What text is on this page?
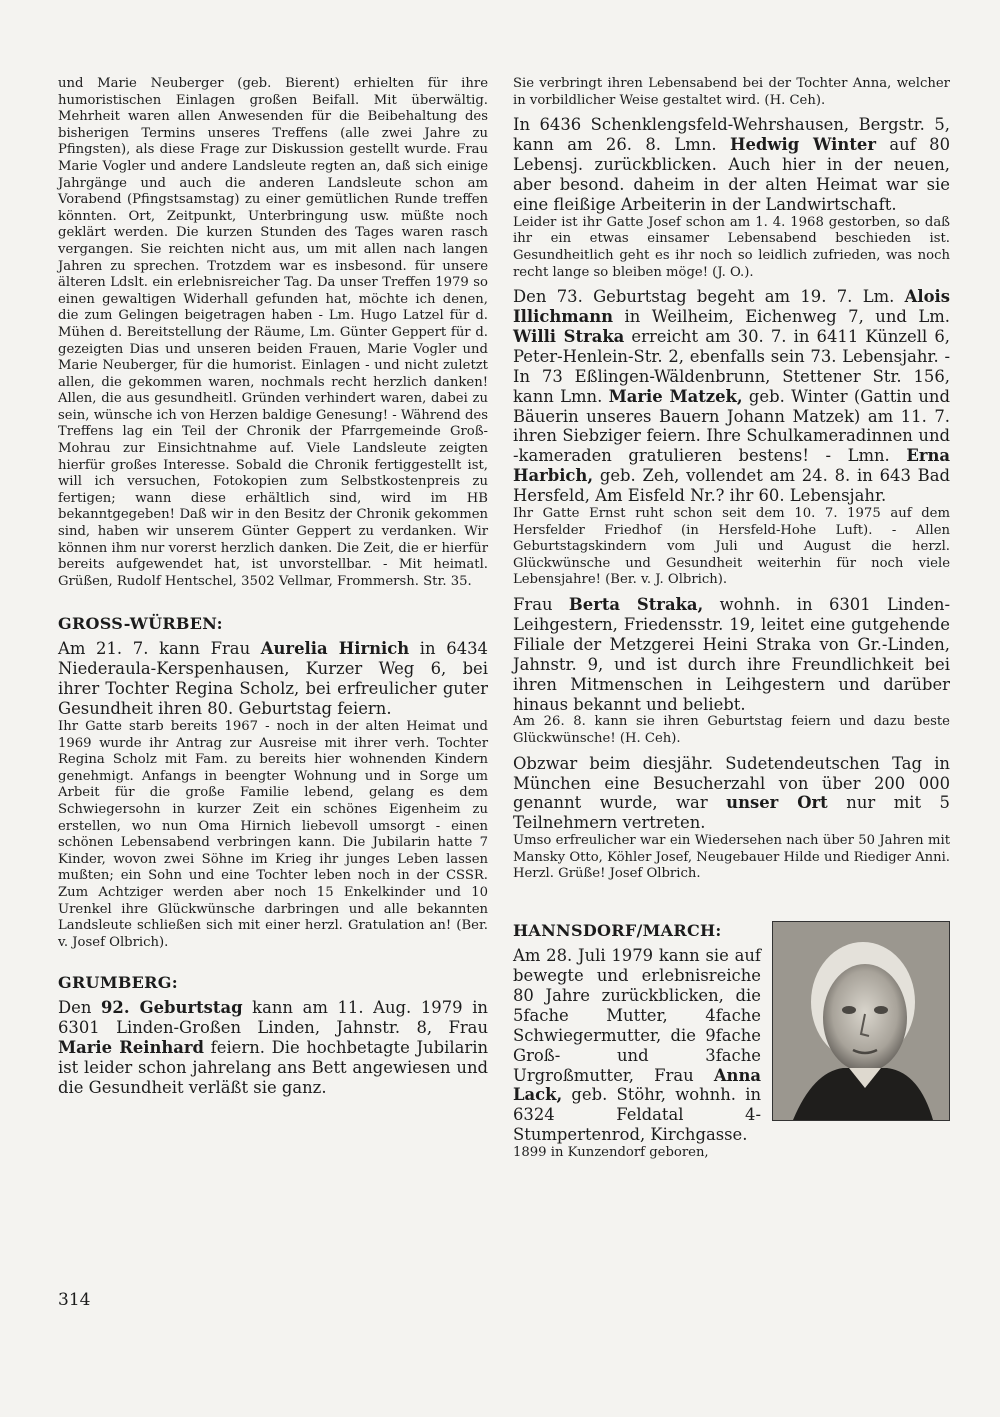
und Marie Neuberger (geb. Bierent) erhielten für ihre humoristischen Einlagen großen Beifall. Mit überwältig. Mehrheit waren allen Anwesenden für die Beibehaltung des bisherigen Termins unseres Treffens (alle zwei Jahre zu Pfingsten), als diese Frage zur Diskussion gestellt wurde. Frau Marie Vogler und andere Landsleute regten an, daß sich einige Jahrgänge und auch die anderen Landsleute schon am Vorabend (Pfingstsamstag) zu einer gemütlichen Runde treffen könnten. Ort, Zeitpunkt, Unterbringung usw. müßte noch geklärt werden. Die kurzen Stunden des Tages waren rasch vergangen. Sie reichten nicht aus, um mit allen nach langen Jahren zu sprechen. Trotzdem war es insbesond. für unsere älteren Ldslt. ein erlebnisreicher Tag. Da unser Treffen 1979 so einen gewaltigen Widerhall gefunden hat, möchte ich denen, die zum Gelingen beigetragen haben - Lm. Hugo Latzel für d. Mühen d. Bereitstellung der Räume, Lm. Günter Geppert für d. gezeigten Dias und unseren beiden Frauen, Marie Vogler und Marie Neuberger, für die humorist. Einlagen - und nicht zuletzt allen, die gekommen waren, nochmals recht herzlich danken! Allen, die aus gesundheitl. Gründen verhindert waren, dabei zu sein, wünsche ich von Herzen baldige Genesung! - Während des Treffens lag ein Teil der Chronik der Pfarrgemeinde Groß-Mohrau zur Einsichtnahme auf. Viele Landsleute zeigten hierfür großes Interesse. Sobald die Chronik fertiggestellt ist, will ich versuchen, Fotokopien zum Selbstkostenpreis zu fertigen; wann diese erhältlich sind, wird im HB bekanntgegeben! Daß wir in den Besitz der Chronik gekommen sind, haben wir unserem Günter Geppert zu verdanken. Wir können ihm nur vorerst herzlich danken. Die Zeit, die er hierfür bereits aufgewendet hat, ist unvorstellbar. - Mit heimatl. Grüßen, Rudolf Hentschel, 3502 Vellmar, Frommersh. Str. 35.

GROSS-WÜRBEN:

Am 21. 7. kann Frau Aurelia Hirnich in 6434 Niederaula-Kerspenhausen, Kurzer Weg 6, bei ihrer Tochter Regina Scholz, bei erfreulicher guter Gesundheit ihren 80. Geburtstag feiern.

Ihr Gatte starb bereits 1967 - noch in der alten Heimat und 1969 wurde ihr Antrag zur Ausreise mit ihrer verh. Tochter Regina Scholz mit Fam. zu bereits hier wohnenden Kindern genehmigt. Anfangs in beengter Wohnung und in Sorge um Arbeit für die große Familie lebend, gelang es dem Schwiegersohn in kurzer Zeit ein schönes Eigenheim zu erstellen, wo nun Oma Hirnich liebevoll umsorgt - einen schönen Lebensabend verbringen kann. Die Jubilarin hatte 7 Kinder, wovon zwei Söhne im Krieg ihr junges Leben lassen mußten; ein Sohn und eine Tochter leben noch in der CSSR. Zum Achtziger werden aber noch 15 Enkelkinder und 10 Urenkel ihre Glückwünsche darbringen und alle bekannten Landsleute schließen sich mit einer herzl. Gratulation an! (Ber. v. Josef Olbrich).

GRUMBERG:

Den 92. Geburtstag kann am 11. Aug. 1979 in 6301 Linden-Großen Linden, Jahnstr. 8, Frau Marie Reinhard feiern. Die hochbetagte Jubilarin ist leider schon jahrelang ans Bett angewiesen und die Gesundheit verläßt sie ganz.

Sie verbringt ihren Lebensabend bei der Tochter Anna, welcher in vorbildlicher Weise gestaltet wird. (H. Ceh).

In 6436 Schenklengsfeld-Wehrshausen, Bergstr. 5, kann am 26. 8. Lmn. Hedwig Winter auf 80 Lebensj. zurückblicken. Auch hier in der neuen, aber besond. daheim in der alten Heimat war sie eine fleißige Arbeiterin in der Landwirtschaft.

Leider ist ihr Gatte Josef schon am 1. 4. 1968 gestorben, so daß ihr ein etwas einsamer Lebensabend beschieden ist. Gesundheitlich geht es ihr noch so leidlich zufrieden, was noch recht lange so bleiben möge! (J. O.).

Den 73. Geburtstag begeht am 19. 7. Lm. Alois Illichmann in Weilheim, Eichenweg 7, und Lm. Willi Straka erreicht am 30. 7. in 6411 Künzell 6, Peter-Henlein-Str. 2, ebenfalls sein 73. Lebensjahr. - In 73 Eßlingen-Wäldenbrunn, Stettener Str. 156, kann Lmn. Marie Matzek, geb. Winter (Gattin und Bäuerin unseres Bauern Johann Matzek) am 11. 7. ihren Siebziger feiern. Ihre Schulkameradinnen und -kameraden gratulieren bestens! - Lmn. Erna Harbich, geb. Zeh, vollendet am 24. 8. in 643 Bad Hersfeld, Am Eisfeld Nr.? ihr 60. Lebensjahr.

Ihr Gatte Ernst ruht schon seit dem 10. 7. 1975 auf dem Hersfelder Friedhof (in Hersfeld-Hohe Luft). - Allen Geburtstagskindern vom Juli und August die herzl. Glückwünsche und Gesundheit weiterhin für noch viele Lebensjahre! (Ber. v. J. Olbrich).

Frau Berta Straka, wohnh. in 6301 Linden-Leihgestern, Friedensstr. 19, leitet eine gutgehende Filiale der Metzgerei Heini Straka von Gr.-Linden, Jahnstr. 9, und ist durch ihre Freundlichkeit bei ihren Mitmenschen in Leihgestern und darüber hinaus bekannt und beliebt.

Am 26. 8. kann sie ihren Geburtstag feiern und dazu beste Glückwünsche! (H. Ceh).

Obzwar beim diesjähr. Sudetendeutschen Tag in München eine Besucherzahl von über 200 000 genannt wurde, war unser Ort nur mit 5 Teilnehmern vertreten.

Umso erfreulicher war ein Wiedersehen nach über 50 Jahren mit Mansky Otto, Köhler Josef, Neugebauer Hilde und Riediger Anni. Herzl. Grüße! Josef Olbrich.

HANNSDORF/MARCH:

Am 28. Juli 1979 kann sie auf bewegte und erlebnisreiche 80 Jahre zurückblicken, die 5fache Mutter, 4fache Schwiegermutter, die 9fache Groß- und 3fache Urgroßmutter, Frau Anna Lack, geb. Stöhr, wohnh. in 6324 Feldatal 4-Stumpertenrod, Kirchgasse.

1899 in Kunzendorf geboren,

314
